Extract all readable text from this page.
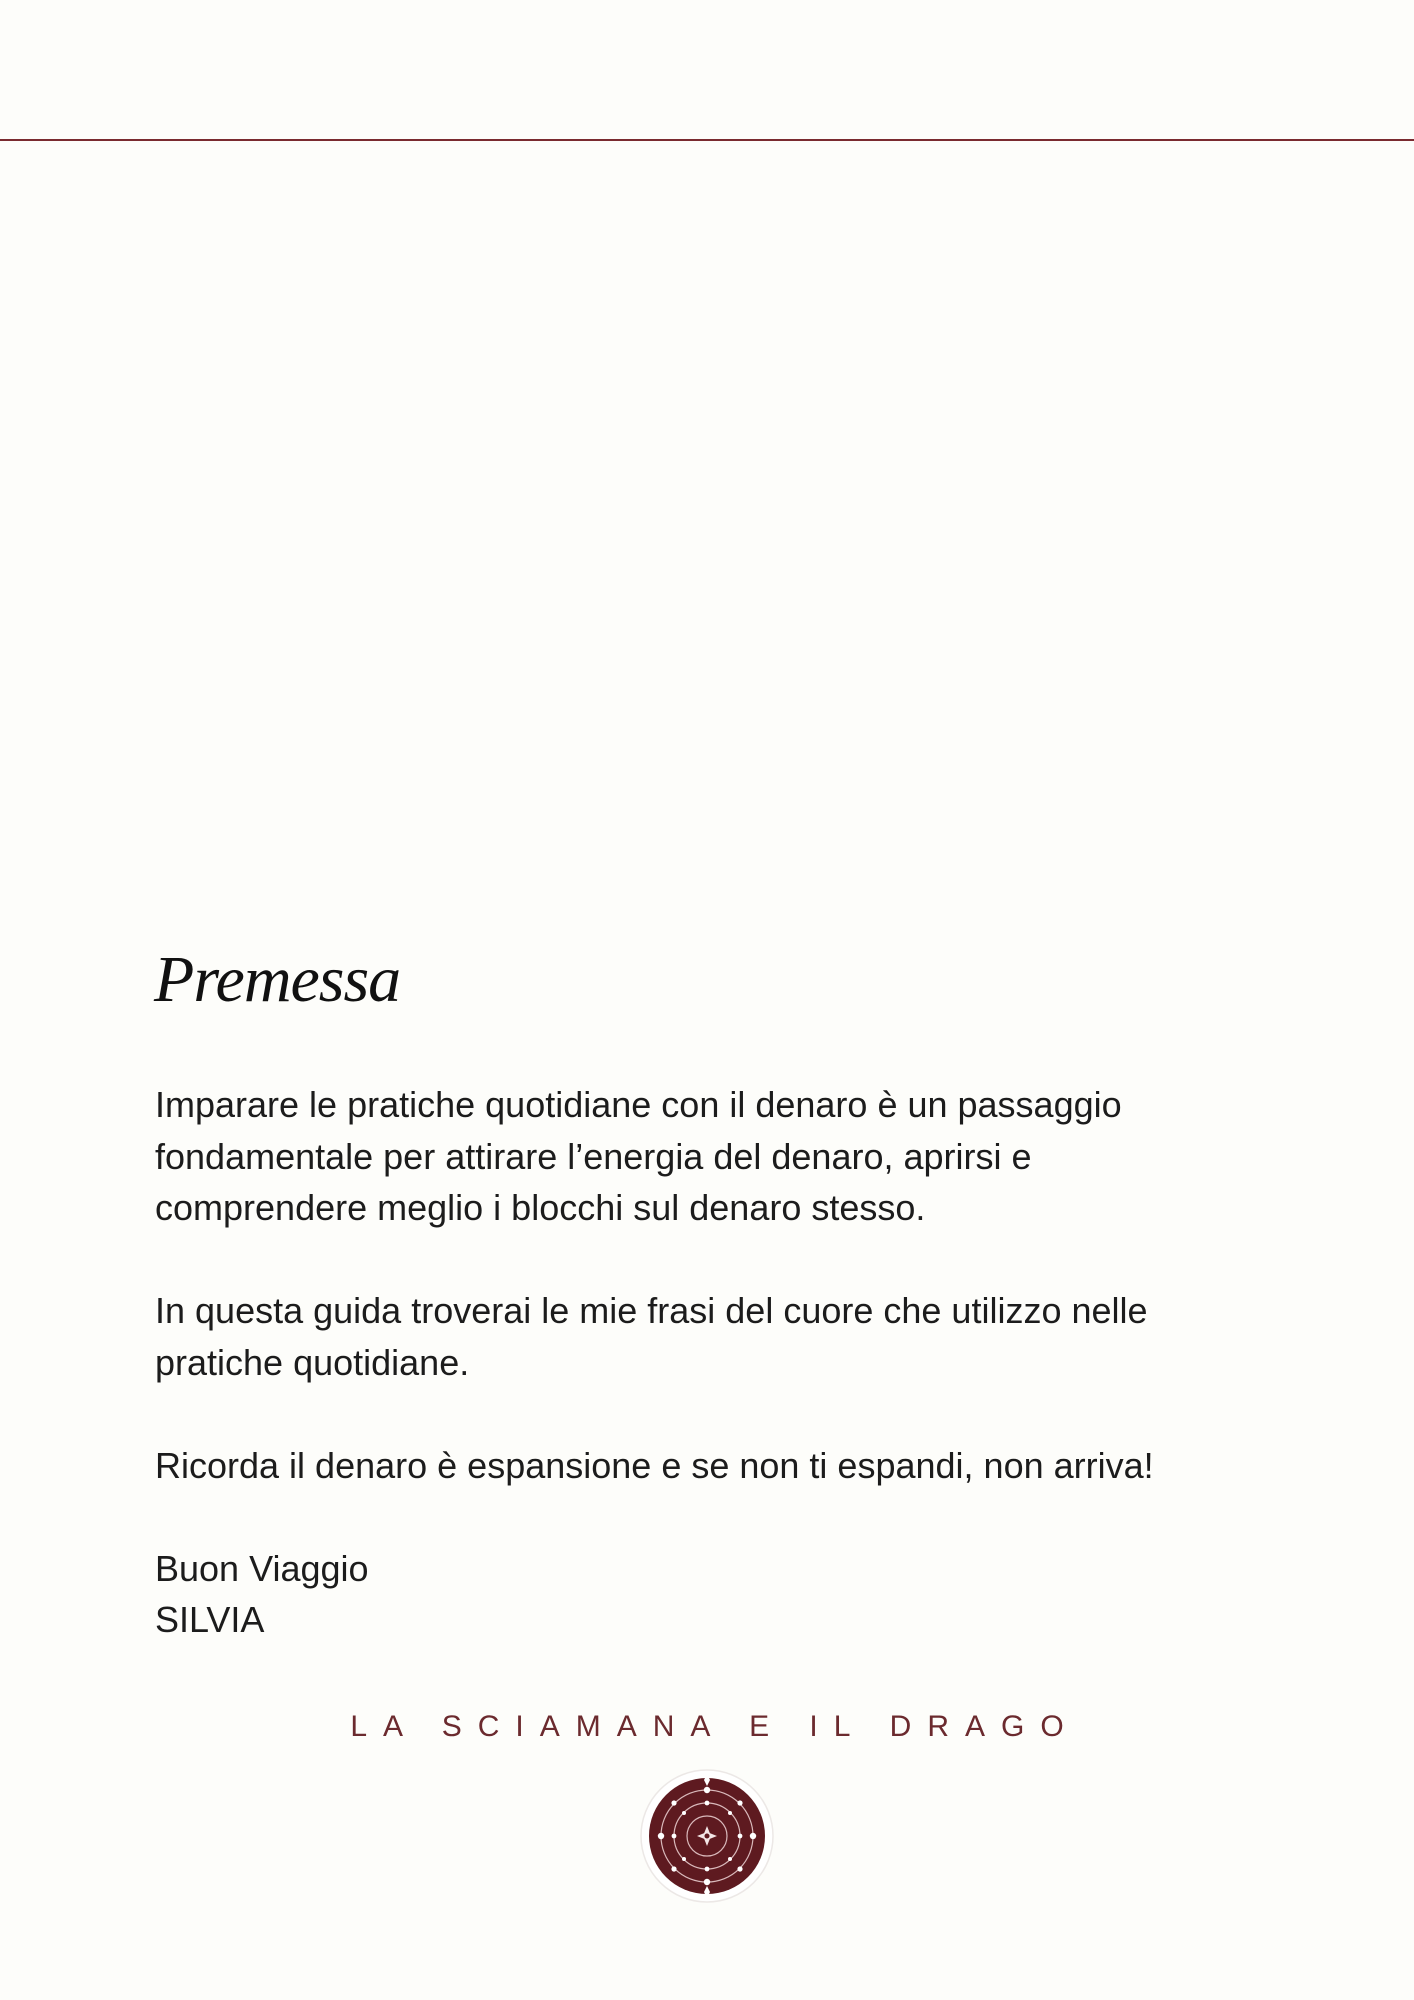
Premessa

Imparare le pratiche quotidiane con il denaro è un passaggio
fondamentale per attirare l’energia del denaro, aprirsi e
comprendere meglio i blocchi sul denaro stesso.

In questa guida troverai le mie frasi del cuore che utilizzo nelle
pratiche quotidiane.

Ricorda il denaro è espansione e se non ti espandi, non arriva!

Buon Viaggio
SILVIA

LA SCIAMANA E IL DRAGO
